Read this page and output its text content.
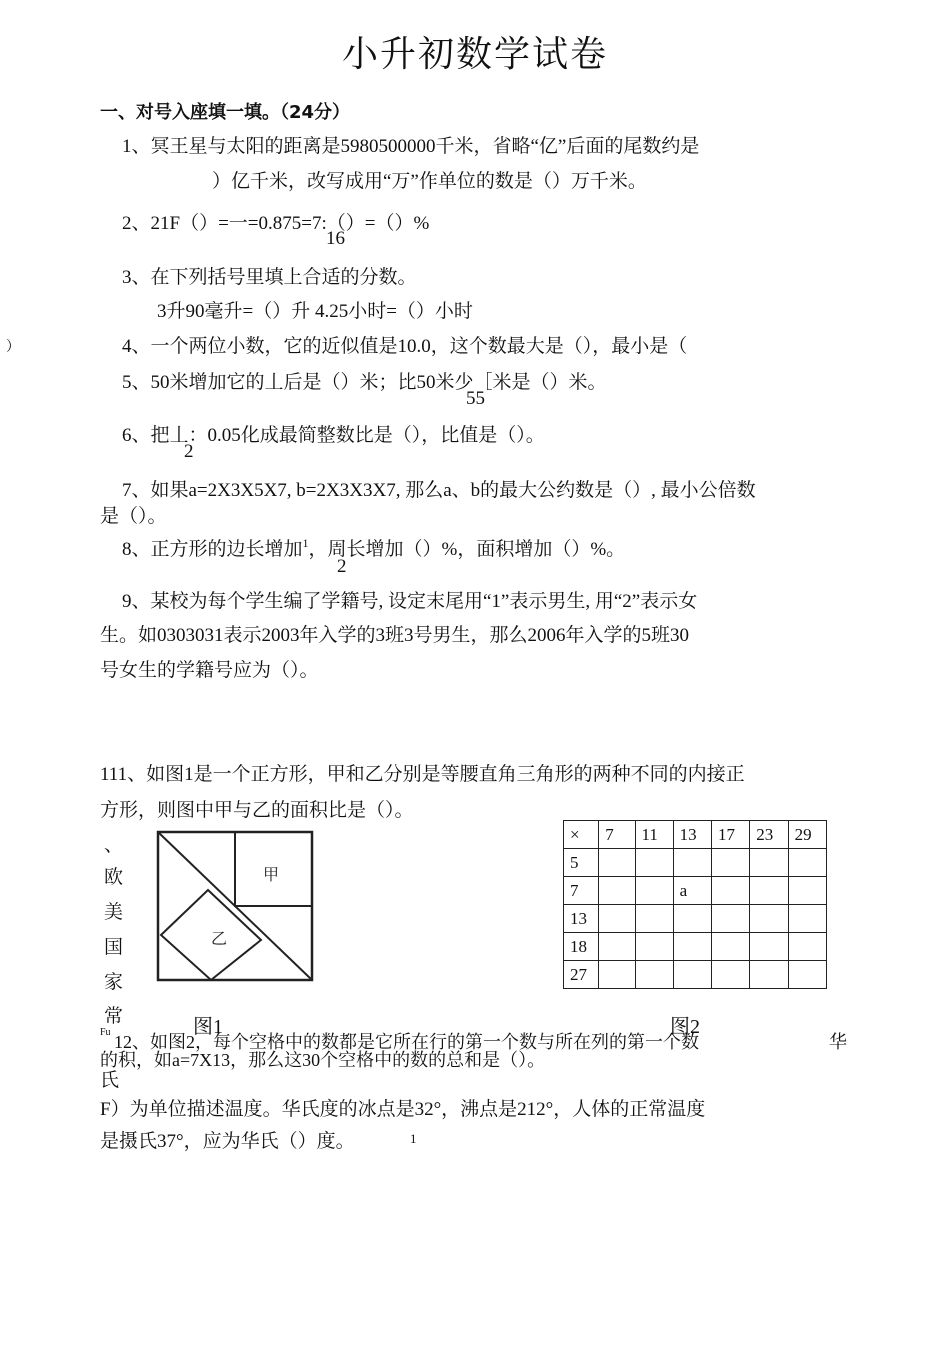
小升初数学试卷
一、对号入座填一填。（24分）
1、冥王星与太阳的距离是5980500000千米，省略“亿”后面的尾数约是
）亿千米，改写成用“万”作单位的数是（）万千米。
2、21F（）=一=0.875=7:（）=（）%
16
3、在下列括号里填上合适的分数。
3升90毫升=（）升 4.25小时=（）小时
）	4、一个两位小数，它的近似值是10.0，这个数最大是（），最小是（
5、50米增加它的丄后是（）米；比50米少［米是（）米。
55
6、把丄：0.05化成最简整数比是（），比值是（）。
2
7、如果a=2X3X5X7, b=2X3X3X7, 那么a、b的最大公约数是（）, 最小公倍数
是（）。
8、正方形的边长增加$^1$，周长增加（）%，面积增加（）%。
2
9、某校为每个学生编了学籍号, 设定末尾用“1”表示男生, 用“2”表示女
生。如0303031表示2003年入学的3班3号男生，那么2006年入学的5班30
号女生的学籍号应为（）。
111、如图1是一个正方形，甲和乙分别是等腰直角三角形的两种不同的内接正
方形，则图中甲与乙的面积比是（）。
、
欧
美
国
家
常
甲
乙
图1
×	7	11	13	17	23	29
5						
7			a			
13						
18						
27						
图2
Fu 12、如图2，每个空格中的数都是它所在行的第一个数与所在列的第一个数	华
的积，如a=7X13，那么这30个空格中的数的总和是（）。
氏
F）为单位描述温度。华氏度的冰点是32°，沸点是212°，人体的正常温度
是摄氏37°，应为华氏（）度。	1
